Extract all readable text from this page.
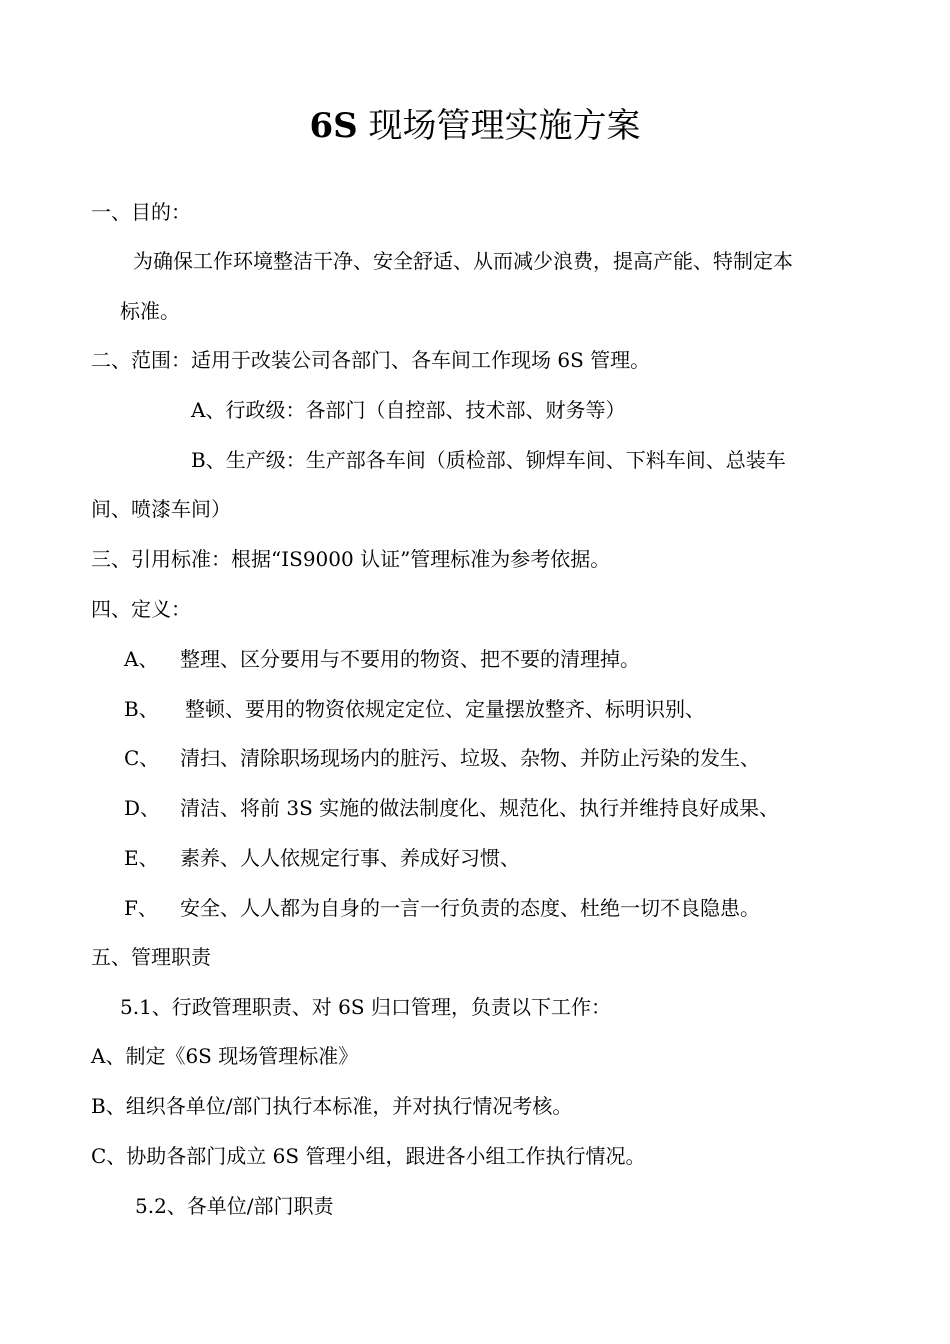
6S 现场管理实施方案
一、目的：
为确保工作环境整洁干净、安全舒适、从而减少浪费，提高产能、特制定本
标准。
二、范围：适用于改装公司各部门、各车间工作现场 6S 管理。
A、行政级：各部门（自控部、技术部、财务等）
B、生产级：生产部各车间（质检部、铆焊车间、下料车间、总装车
间、喷漆车间）
三、引用标准：根据“IS9000 认证”管理标准为参考依据。
四、定义：
A、 整理、区分要用与不要用的物资、把不要的清理掉。
B、 整顿、要用的物资依规定定位、定量摆放整齐、标明识别、
C、 清扫、清除职场现场内的脏污、垃圾、杂物、并防止污染的发生、
D、 清洁、将前 3S 实施的做法制度化、规范化、执行并维持良好成果、
E、 素养、人人依规定行事、养成好习惯、
F、 安全、人人都为自身的一言一行负责的态度、杜绝一切不良隐患。
五、管理职责
5.1、行政管理职责、对 6S 归口管理，负责以下工作：
A、制定《6S 现场管理标准》
B、组织各单位/部门执行本标准，并对执行情况考核。
C、协助各部门成立 6S 管理小组，跟进各小组工作执行情况。
5.2、各单位/部门职责
